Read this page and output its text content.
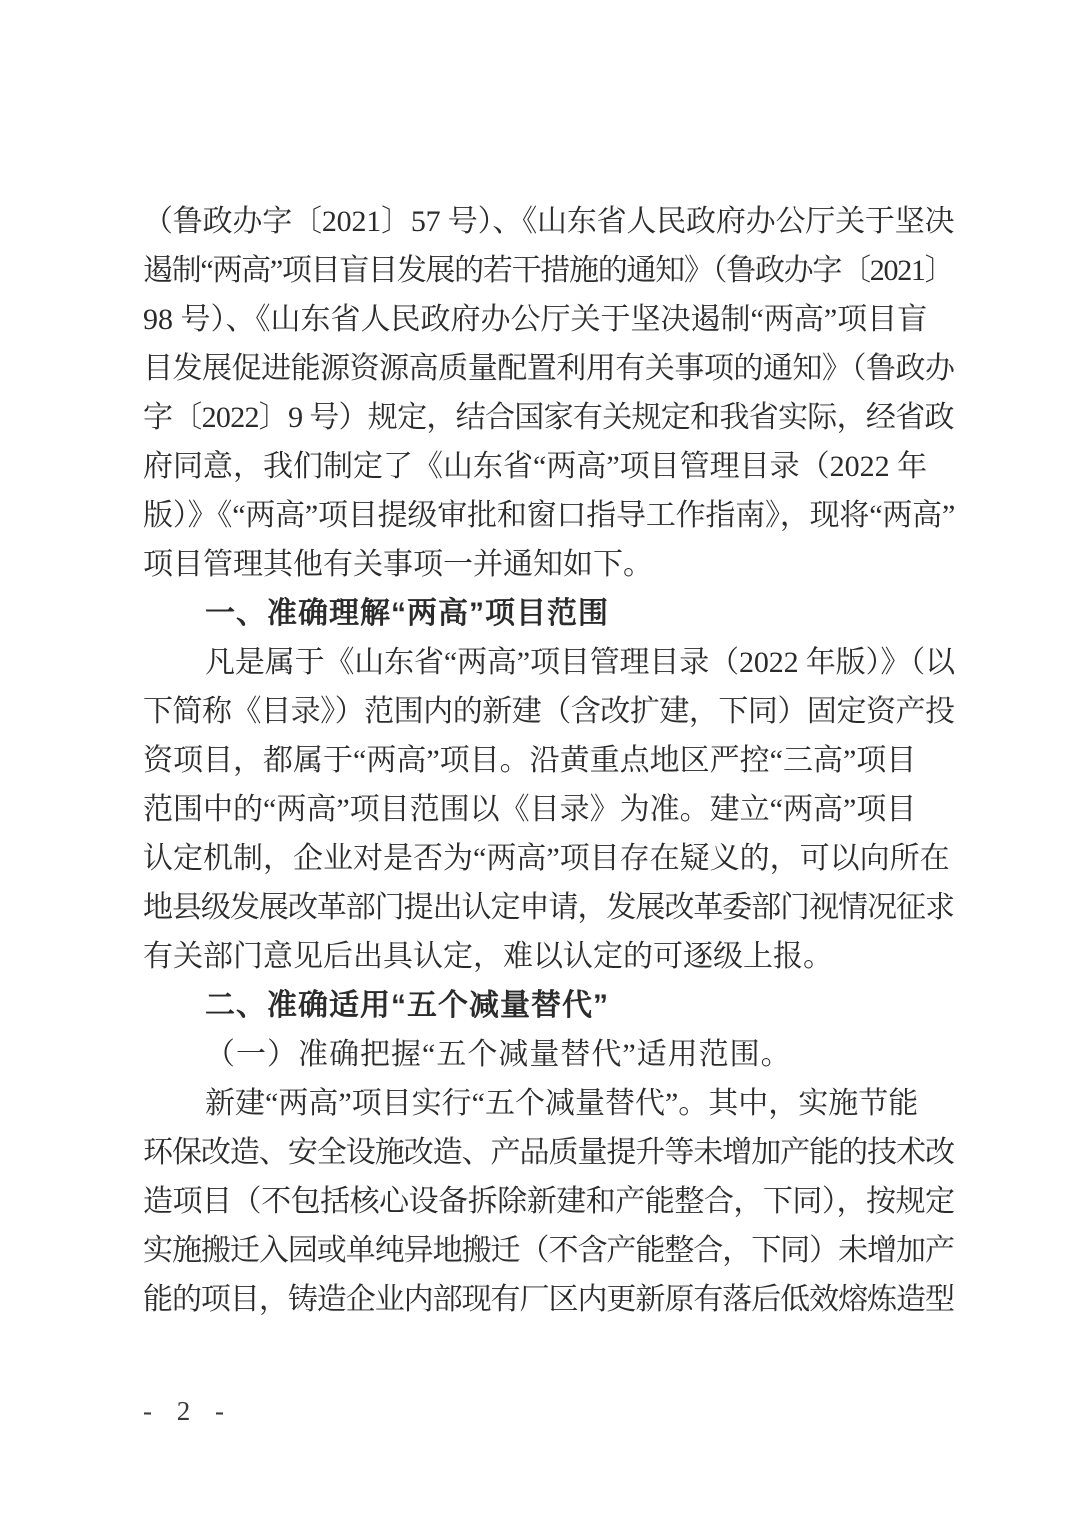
（鲁政办字〔2021〕57 号）、《山东省人民政府办公厅关于坚决
遏制“两高”项目盲目发展的若干措施的通知》（鲁政办字〔2021〕
98 号）、《山东省人民政府办公厅关于坚决遏制“两高”项目盲
目发展促进能源资源高质量配置利用有关事项的通知》（鲁政办
字〔2022〕9 号）规定，结合国家有关规定和我省实际，经省政
府同意，我们制定了《山东省“两高”项目管理目录（2022 年
版）》《“两高”项目提级审批和窗口指导工作指南》，现将“两高”
项目管理其他有关事项一并通知如下。
一、准确理解“两高”项目范围
凡是属于《山东省“两高”项目管理目录（2022 年版）》（以
下简称《目录》）范围内的新建（含改扩建，下同）固定资产投
资项目，都属于“两高”项目。沿黄重点地区严控“三高”项目
范围中的“两高”项目范围以《目录》为准。建立“两高”项目
认定机制，企业对是否为“两高”项目存在疑义的，可以向所在
地县级发展改革部门提出认定申请，发展改革委部门视情况征求
有关部门意见后出具认定，难以认定的可逐级上报。
二、准确适用“五个减量替代”
（一）准确把握“五个减量替代”适用范围。
新建“两高”项目实行“五个减量替代”。其中，实施节能
环保改造、安全设施改造、产品质量提升等未增加产能的技术改
造项目（不包括核心设备拆除新建和产能整合，下同），按规定
实施搬迁入园或单纯异地搬迁（不含产能整合，下同）未增加产
能的项目，铸造企业内部现有厂区内更新原有落后低效熔炼造型
- 2 -
